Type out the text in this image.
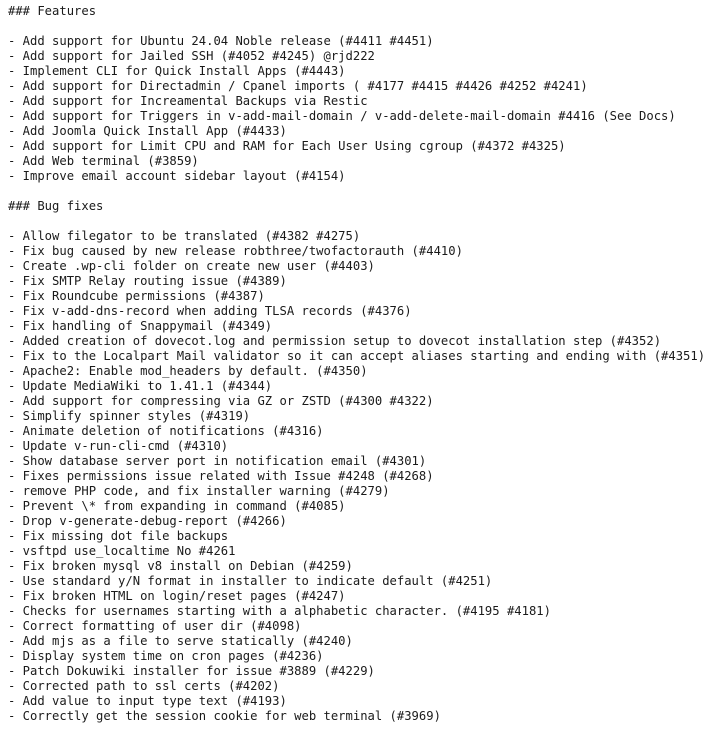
### Features
- Add support for Ubuntu 24.04 Noble release (#4411 #4451)
- Add support for Jailed SSH (#4052 #4245) @rjd222
- Implement CLI for Quick Install Apps (#4443)
- Add support for Directadmin / Cpanel imports ( #4177 #4415 #4426 #4252 #4241)
- Add support for Increamental Backups via Restic
- Add support for Triggers in v-add-mail-domain / v-add-delete-mail-domain #4416 (See Docs)
- Add Joomla Quick Install App (#4433)
- Add support for Limit CPU and RAM for Each User Using cgroup (#4372 #4325)
- Add Web terminal (#3859)
- Improve email account sidebar layout (#4154)
### Bug fixes
- Allow filegator to be translated (#4382 #4275)
- Fix bug caused by new release robthree/twofactorauth (#4410)
- Create .wp-cli folder on create new user (#4403)
- Fix SMTP Relay routing issue (#4389)
- Fix Roundcube permissions (#4387)
- Fix v-add-dns-record when adding TLSA records (#4376)
- Fix handling of Snappymail (#4349)
- Added creation of dovecot.log and permission setup to dovecot installation step (#4352)
- Fix to the Localpart Mail validator so it can accept aliases starting and ending with (#4351)
- Apache2: Enable mod_headers by default. (#4350)
- Update MediaWiki to 1.41.1 (#4344)
- Add support for compressing via GZ or ZSTD (#4300 #4322)
- Simplify spinner styles (#4319)
- Animate deletion of notifications (#4316)
- Update v-run-cli-cmd (#4310)
- Show database server port in notification email (#4301)
- Fixes permissions issue related with Issue #4248 (#4268)
- remove PHP code, and fix installer warning (#4279)
- Prevent \* from expanding in command (#4085)
- Drop v-generate-debug-report (#4266)
- Fix missing dot file backups
- vsftpd use_localtime No #4261
- Fix broken mysql v8 install on Debian (#4259)
- Use standard y/N format in installer to indicate default (#4251)
- Fix broken HTML on login/reset pages (#4247)
- Checks for usernames starting with a alphabetic character. (#4195 #4181)
- Correct formatting of user dir (#4098)
- Add mjs as a file to serve statically (#4240)
- Display system time on cron pages (#4236)
- Patch Dokuwiki installer for issue #3889 (#4229)
- Corrected path to ssl certs (#4202)
- Add value to input type text (#4193)
- Correctly get the session cookie for web terminal (#3969)
